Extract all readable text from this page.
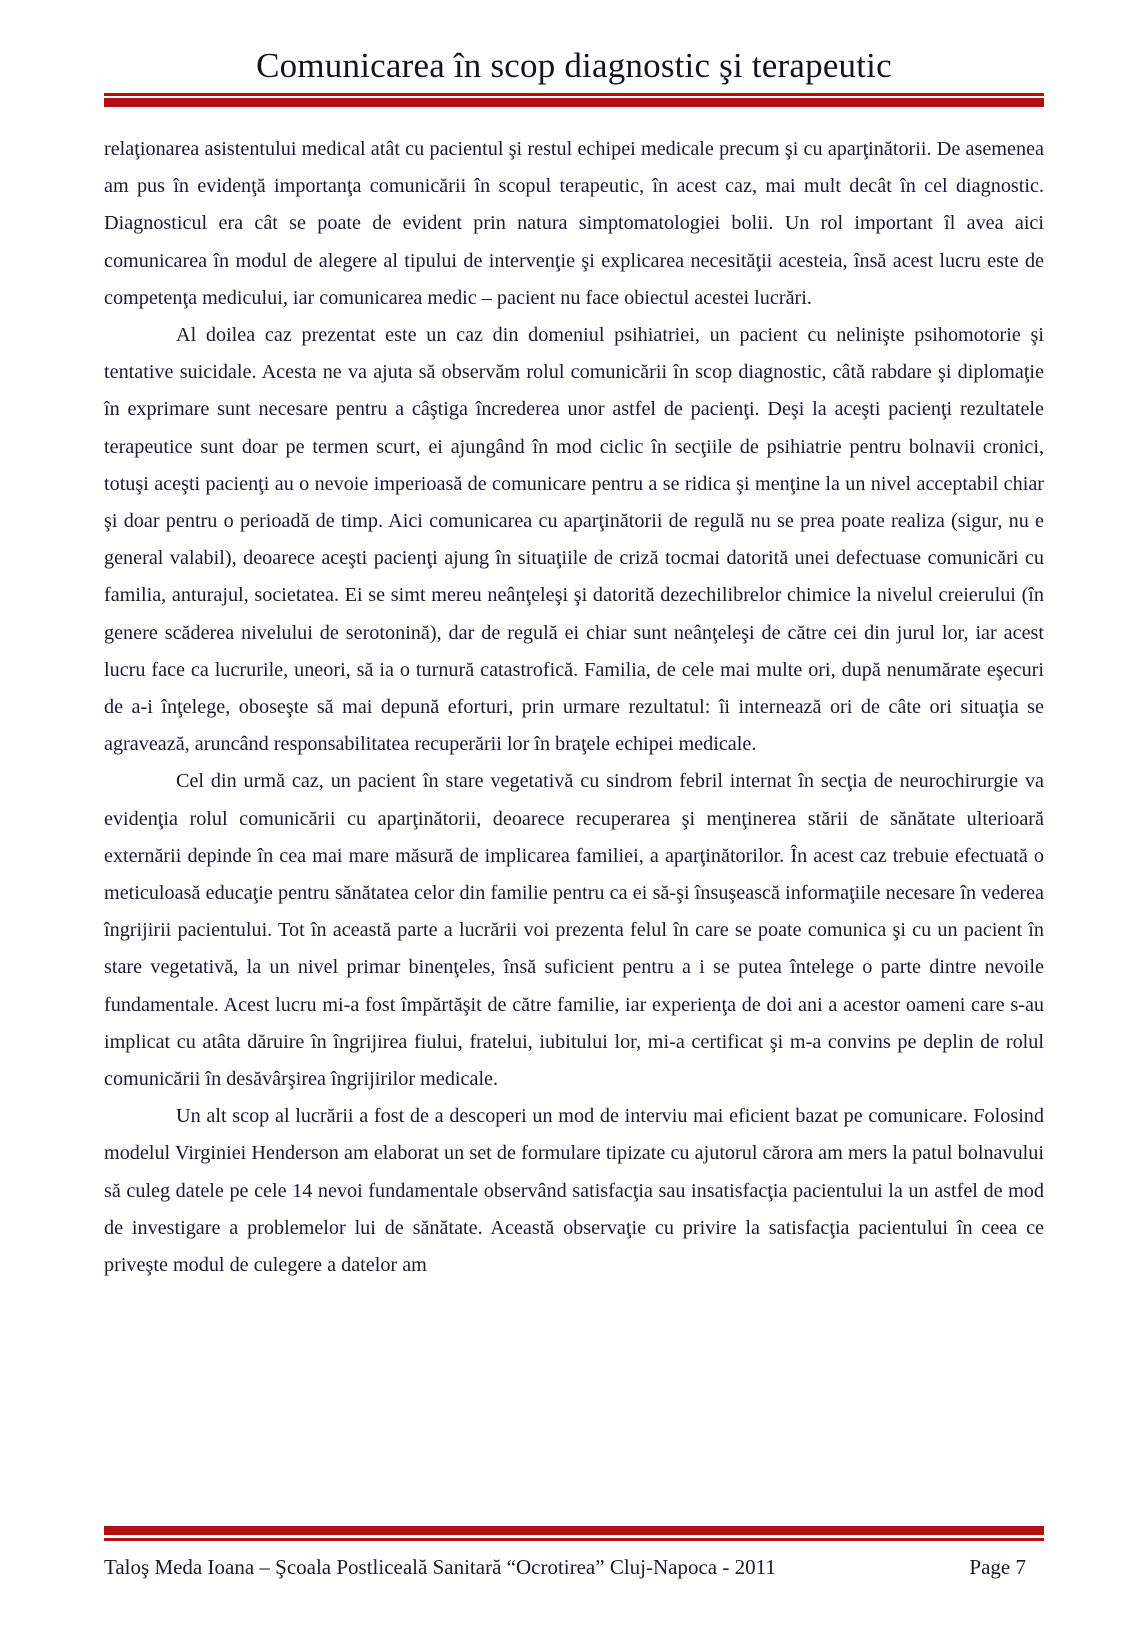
Comunicarea în scop diagnostic şi terapeutic

relaţionarea asistentului medical atât cu pacientul şi restul echipei medicale precum şi cu aparţinătorii. De asemenea am pus în evidenţă importanţa comunicării în scopul terapeutic, în acest caz, mai mult decât în cel diagnostic. Diagnosticul era cât se poate de evident prin natura simptomatologiei bolii. Un rol important îl avea aici comunicarea în modul de alegere al tipului de intervenţie şi explicarea necesităţii acesteia, însă acest lucru este de competenţa medicului, iar comunicarea medic – pacient nu face obiectul acestei lucrări.

Al doilea caz prezentat este un caz din domeniul psihiatriei, un pacient cu nelinişte psihomotorie şi tentative suicidale. Acesta ne va ajuta să observăm rolul comunicării în scop diagnostic, câtă rabdare şi diplomaţie în exprimare sunt necesare pentru a câştiga încrederea unor astfel de pacienţi. Deşi la aceşti pacienţi rezultatele terapeutice sunt doar pe termen scurt, ei ajungând în mod ciclic în secţiile de psihiatrie pentru bolnavii cronici, totuşi aceşti pacienţi au o nevoie imperioasă de comunicare pentru a se ridica şi menţine la un nivel acceptabil chiar şi doar pentru o perioadă de timp. Aici comunicarea cu aparţinătorii de regulă nu se prea poate realiza (sigur, nu e general valabil), deoarece aceşti pacienţi ajung în situaţiile de criză tocmai datorită unei defectuase comunicări cu familia, anturajul, societatea. Ei se simt mereu neânţeleşi şi datorită dezechilibrelor chimice la nivelul creierului (în genere scăderea nivelului de serotonină), dar de regulă ei chiar sunt neânţeleşi de către cei din jurul lor, iar acest lucru face ca lucrurile, uneori, să ia o turnură catastrofică. Familia, de cele mai multe ori, după nenumărate eşecuri de a-i înţelege, oboseşte să mai depună eforturi, prin urmare rezultatul: îi internează ori de câte ori situaţia se agravează, aruncând responsabilitatea recuperării lor în braţele echipei medicale.

Cel din urmă caz, un pacient în stare vegetativă cu sindrom febril internat în secţia de neurochirurgie va evidenţia rolul comunicării cu aparţinătorii, deoarece recuperarea şi menţinerea stării de sănătate ulterioară externării depinde în cea mai mare măsură de implicarea familiei, a aparţinătorilor. În acest caz trebuie efectuată o meticuloasă educaţie pentru sănătatea celor din familie pentru ca ei să-şi însuşească informaţiile necesare în vederea îngrijirii pacientului. Tot în această parte a lucrării voi prezenta felul în care se poate comunica şi cu un pacient în stare vegetativă, la un nivel primar binenţeles, însă suficient pentru a i se putea întelege o parte dintre nevoile fundamentale. Acest lucru mi-a fost împărtăşit de către familie, iar experienţa de doi ani a acestor oameni care s-au implicat cu atâta dăruire în îngrijirea fiului, fratelui, iubitului lor, mi-a certificat şi m-a convins pe deplin de rolul comunicării în desăvârşirea îngrijirilor medicale.

Un alt scop al lucrării a fost de a descoperi un mod de interviu mai eficient bazat pe comunicare. Folosind modelul Virginiei Henderson am elaborat un set de formulare tipizate cu ajutorul cărora am mers la patul bolnavului să culeg datele pe cele 14 nevoi fundamentale observând satisfacţia sau insatisfacţia pacientului la un astfel de mod de investigare a problemelor lui de sănătate. Această observaţie cu privire la satisfacţia pacientului în ceea ce priveşte modul de culegere a datelor am

Taloş Meda Ioana – Şcoala Postliceală Sanitară “Ocrotirea” Cluj-Napoca - 2011	Page 7
